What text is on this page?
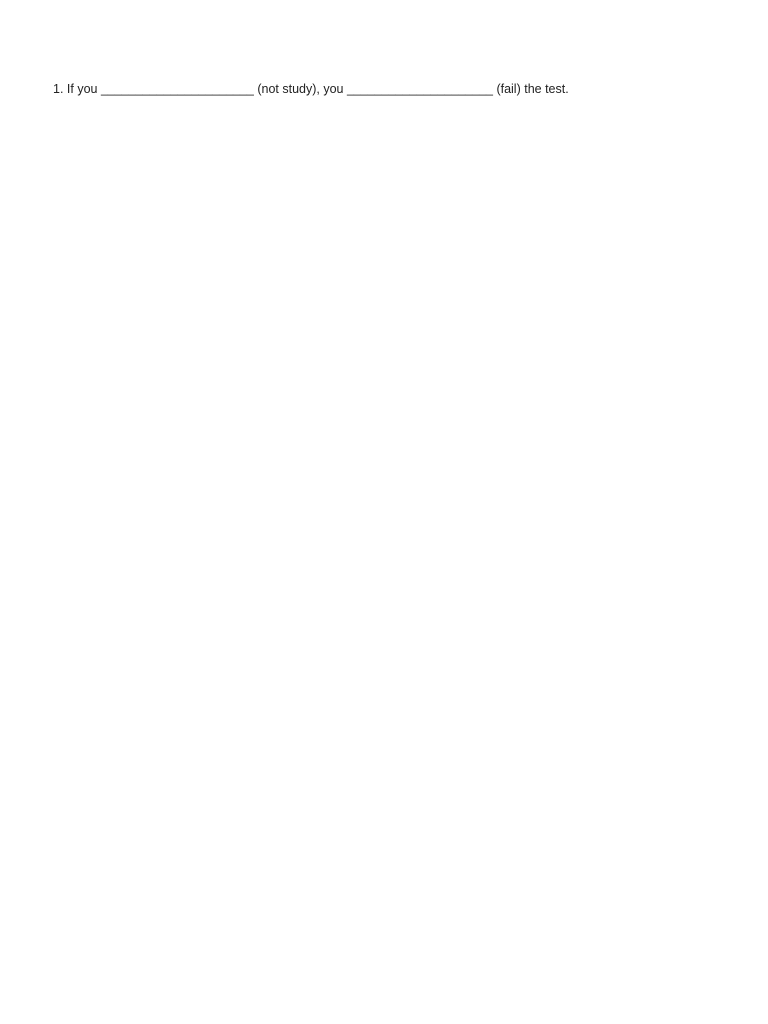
1. If you ______________________ (not study), you _____________________ (fail) the test.
